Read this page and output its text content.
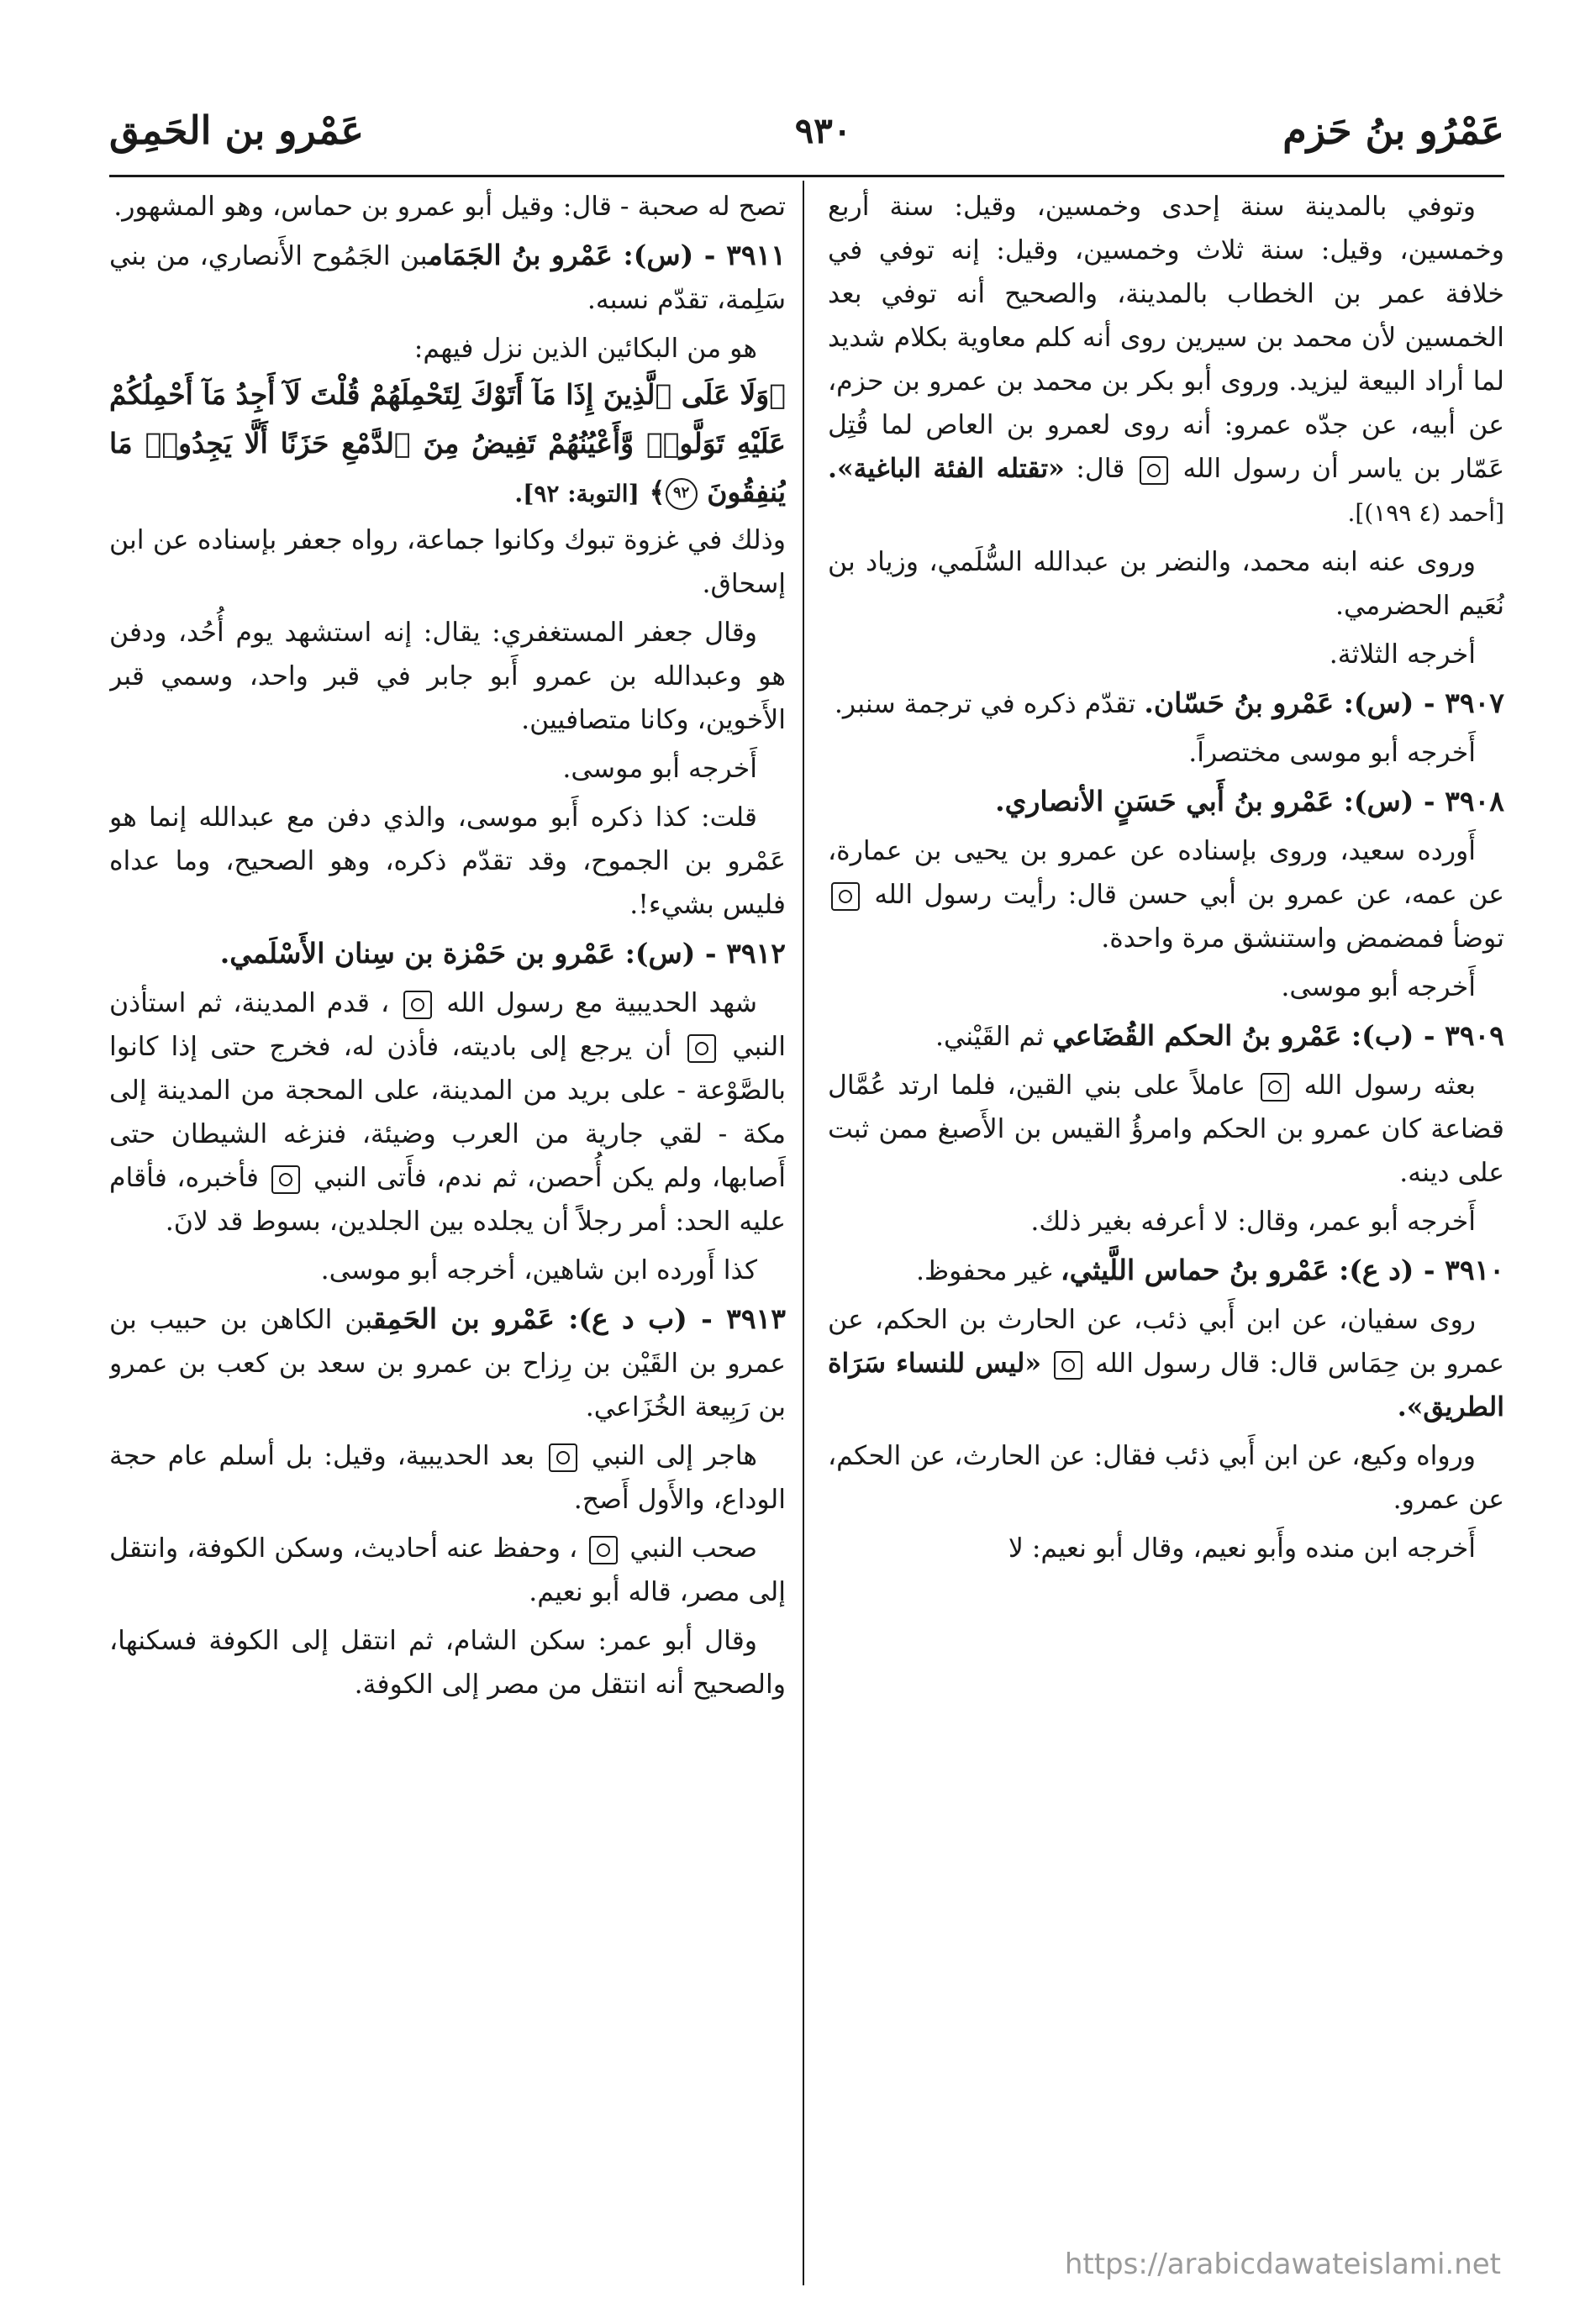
عَمْرُو بنُ حَزم
٩٣٠
عَمْرو بن الحَمِق

وتوفي بالمدينة سنة إحدى وخمسين، وقيل: سنة أربع وخمسين، وقيل: سنة ثلاث وخمسين، وقيل: إنه توفي في خلافة عمر بن الخطاب بالمدينة، والصحيح أنه توفي بعد الخمسين لأن محمد بن سيرين روى أنه كلم معاوية بكلام شديد لما أراد البيعة ليزيد. وروى أبو بكر بن محمد بن عمرو بن حزم، عن أبيه، عن جدّه عمرو: أنه روى لعمرو بن العاص لما قُتِل عَمّار بن ياسر أن رسول الله  قال: «تقتله الفئة الباغية». [أحمد (٤ ١٩٩)].

وروى عنه ابنه محمد، والنضر بن عبدالله السُّلَمي، وزياد بن نُعَيم الحضرمي.

أخرجه الثلاثة.

٣٩٠٧ - (س): عَمْرو بنُ حَسّان. تقدّم ذكره في ترجمة سنبر.

أَخرجه أبو موسى مختصراً.

٣٩٠٨ - (س): عَمْرو بنُ أَبي حَسَنٍ الأنصاري.

أَورده سعيد، وروى بإسناده عن عمرو بن يحيى بن عمارة، عن عمه، عن عمرو بن أبي حسن قال: رأيت رسول الله  توضأ فمضمض واستنشق مرة واحدة.

أَخرجه أبو موسى.

٣٩٠٩ - (ب): عَمْرو بنُ الحكم القُضَاعي ثم القَيْني.

بعثه رسول الله  عاملاً على بني القين، فلما ارتد عُمَّال قضاعة كان عمرو بن الحكم وامرؤُ القيس بن الأَصبغ ممن ثبت على دينه.

أَخرجه أبو عمر، وقال: لا أعرفه بغير ذلك.

٣٩١٠ - (د ع): عَمْرو بنُ حماس اللَّيثي، غير محفوظ.

روى سفيان، عن ابن أَبي ذئب، عن الحارث بن الحكم، عن عمرو بن حِمَاس قال: قال رسول الله  «ليس للنساء سَرَاة الطريق».

ورواه وكيع، عن ابن أَبي ذئب فقال: عن الحارث، عن الحكم، عن عمرو.

أَخرجه ابن منده وأَبو نعيم، وقال أبو نعيم: لا

تصح له صحبة - قال: وقيل أبو عمرو بن حماس، وهو المشهور.

٣٩١١ - (س): عَمْرو بنُ الجَمَامبن الجَمُوح الأَنصاري، من بني سَلِمة، تقدّم نسبه.

هو من البكائين الذين نزل فيهم:
﴿وَلَا عَلَى ٱلَّذِينَ إِذَا مَآ أَتَوْكَ لِتَحْمِلَهُمْ قُلْتَ لَآ أَجِدُ مَآ أَحْمِلُكُمْ عَلَيْهِ تَوَلَّوا۟ وَّأَعْيُنُهُمْ تَفِيضُ مِنَ ٱلدَّمْعِ حَزَنًا أَلَّا يَجِدُوا۟ مَا يُنفِقُونَ ٩٢﴾ [التوبة: ٩٢].
وذلك في غزوة تبوك وكانوا جماعة، رواه جعفر بإسناده عن ابن إسحاق.

وقال جعفر المستغفري: يقال: إنه استشهد يوم أُحُد، ودفن هو وعبدالله بن عمرو أَبو جابر في قبر واحد، وسمي قبر الأَخوين، وكانا متصافيين.

أَخرجه أبو موسى.

قلت: كذا ذكره أَبو موسى، والذي دفن مع عبدالله إنما هو عَمْرو بن الجموح، وقد تقدّم ذكره، وهو الصحيح، وما عداه فليس بشيء!.

٣٩١٢ - (س): عَمْرو بن حَمْزة بن سِنان الأَسْلَمي.

شهد الحديبية مع رسول الله  ، قدم المدينة، ثم استأذن النبي  أن يرجع إلى باديته، فأذن له، فخرج حتى إذا كانوا بالصَّوْعة - على بريد من المدينة، على المحجة من المدينة إلى مكة - لقي جارية من العرب وضيئة، فنزغه الشيطان حتى أَصابها، ولم يكن أُحصن، ثم ندم، فأَتى النبي  فأخبره، فأقام عليه الحد: أمر رجلاً أن يجلده بين الجلدين، بسوط قد لانَ.

كذا أَورده ابن شاهين، أخرجه أبو موسى.

٣٩١٣ - (ب د ع): عَمْرو بن الحَمِقبن الكاهن بن حبيب بن عمرو بن القَيْن بن رِزاح بن عمرو بن سعد بن كعب بن عمرو بن رَبِيعة الخُزَاعي.

هاجر إلى النبي  بعد الحديبية، وقيل: بل أسلم عام حجة الوداع، والأَول أَصح.

صحب النبي  ، وحفظ عنه أحاديث، وسكن الكوفة، وانتقل إلى مصر، قاله أبو نعيم.

وقال أبو عمر: سكن الشام، ثم انتقل إلى الكوفة فسكنها، والصحيح أنه انتقل من مصر إلى الكوفة.

https://arabicdawateislami.net
